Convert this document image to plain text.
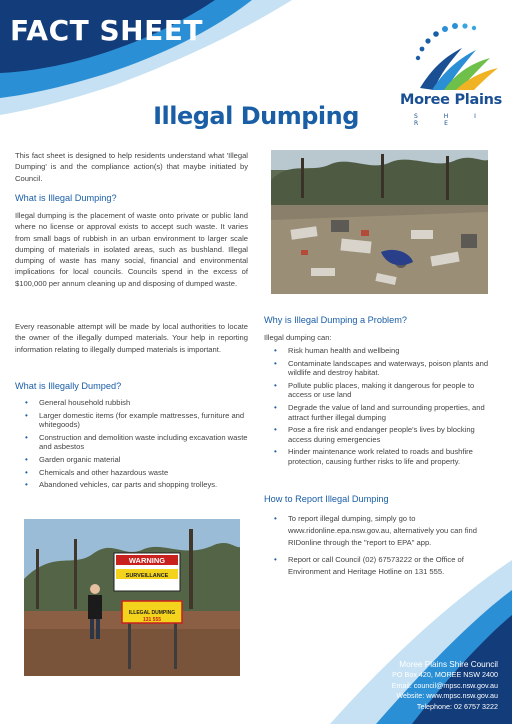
FACT SHEET
Moree Plains
S H I R E
Illegal Dumping

This fact sheet is designed to help residents understand what 'Illegal Dumping' is and the compliance action(s) that maybe initiated by Council.

What is Illegal Dumping?

Illegal dumping is the placement of waste onto private or public land where no license or approval exists to accept such waste. It varies from small bags of rubbish in an urban environment to larger scale dumping of materials in isolated areas, such as bushland. Illegal dumping of waste has many social, financial and environmental implications for local councils. Councils spend in the excess of $100,000 per annum cleaning up and disposing of dumped waste.

Every reasonable attempt will be made by local authorities to locate the owner of the illegally dumped materials. Your help in reporting information relating to illegally dumped materials is important.

What is Illegally Dumped?
• General household rubbish
• Larger domestic items (for example mattresses, furniture and whitegoods)
• Construction and demolition waste including excavation waste and asbestos
• Garden organic material
• Chemicals and other hazardous waste
• Abandoned vehicles, car parts and shopping trolleys.
Why is Illegal Dumping a Problem?

Illegal dumping can:

• Risk human health and wellbeing
• Contaminate landscapes and waterways, poison plants and wildlife and destroy habitat.
• Pollute public places, making it dangerous for people to access or use land
• Degrade the value of land and surrounding properties, and attract further illegal dumping
• Pose a fire risk and endanger people's lives by blocking access during emergencies
• Hinder maintenance work related to roads and bushfire protection, causing further risks to life and property.
How to Report Illegal Dumping
• To report illegal dumping, simply go to www.ridonline.epa.nsw.gov.au, alternatively you can find RIDonline through the "report to EPA" app.
• Report or call Council (02) 67573222 or the Office of Environment and Heritage Hotline on 131 555.
WARNING
SURVEILLANCE
ILLEGAL DUMPING
131 555
Moree Plains Shire Council
PO Box 420, MOREE NSW 2400
Email: council@mpsc.nsw.gov.au
Website: www.mpsc.nsw.gov.au
Telephone: 02 6757 3222
